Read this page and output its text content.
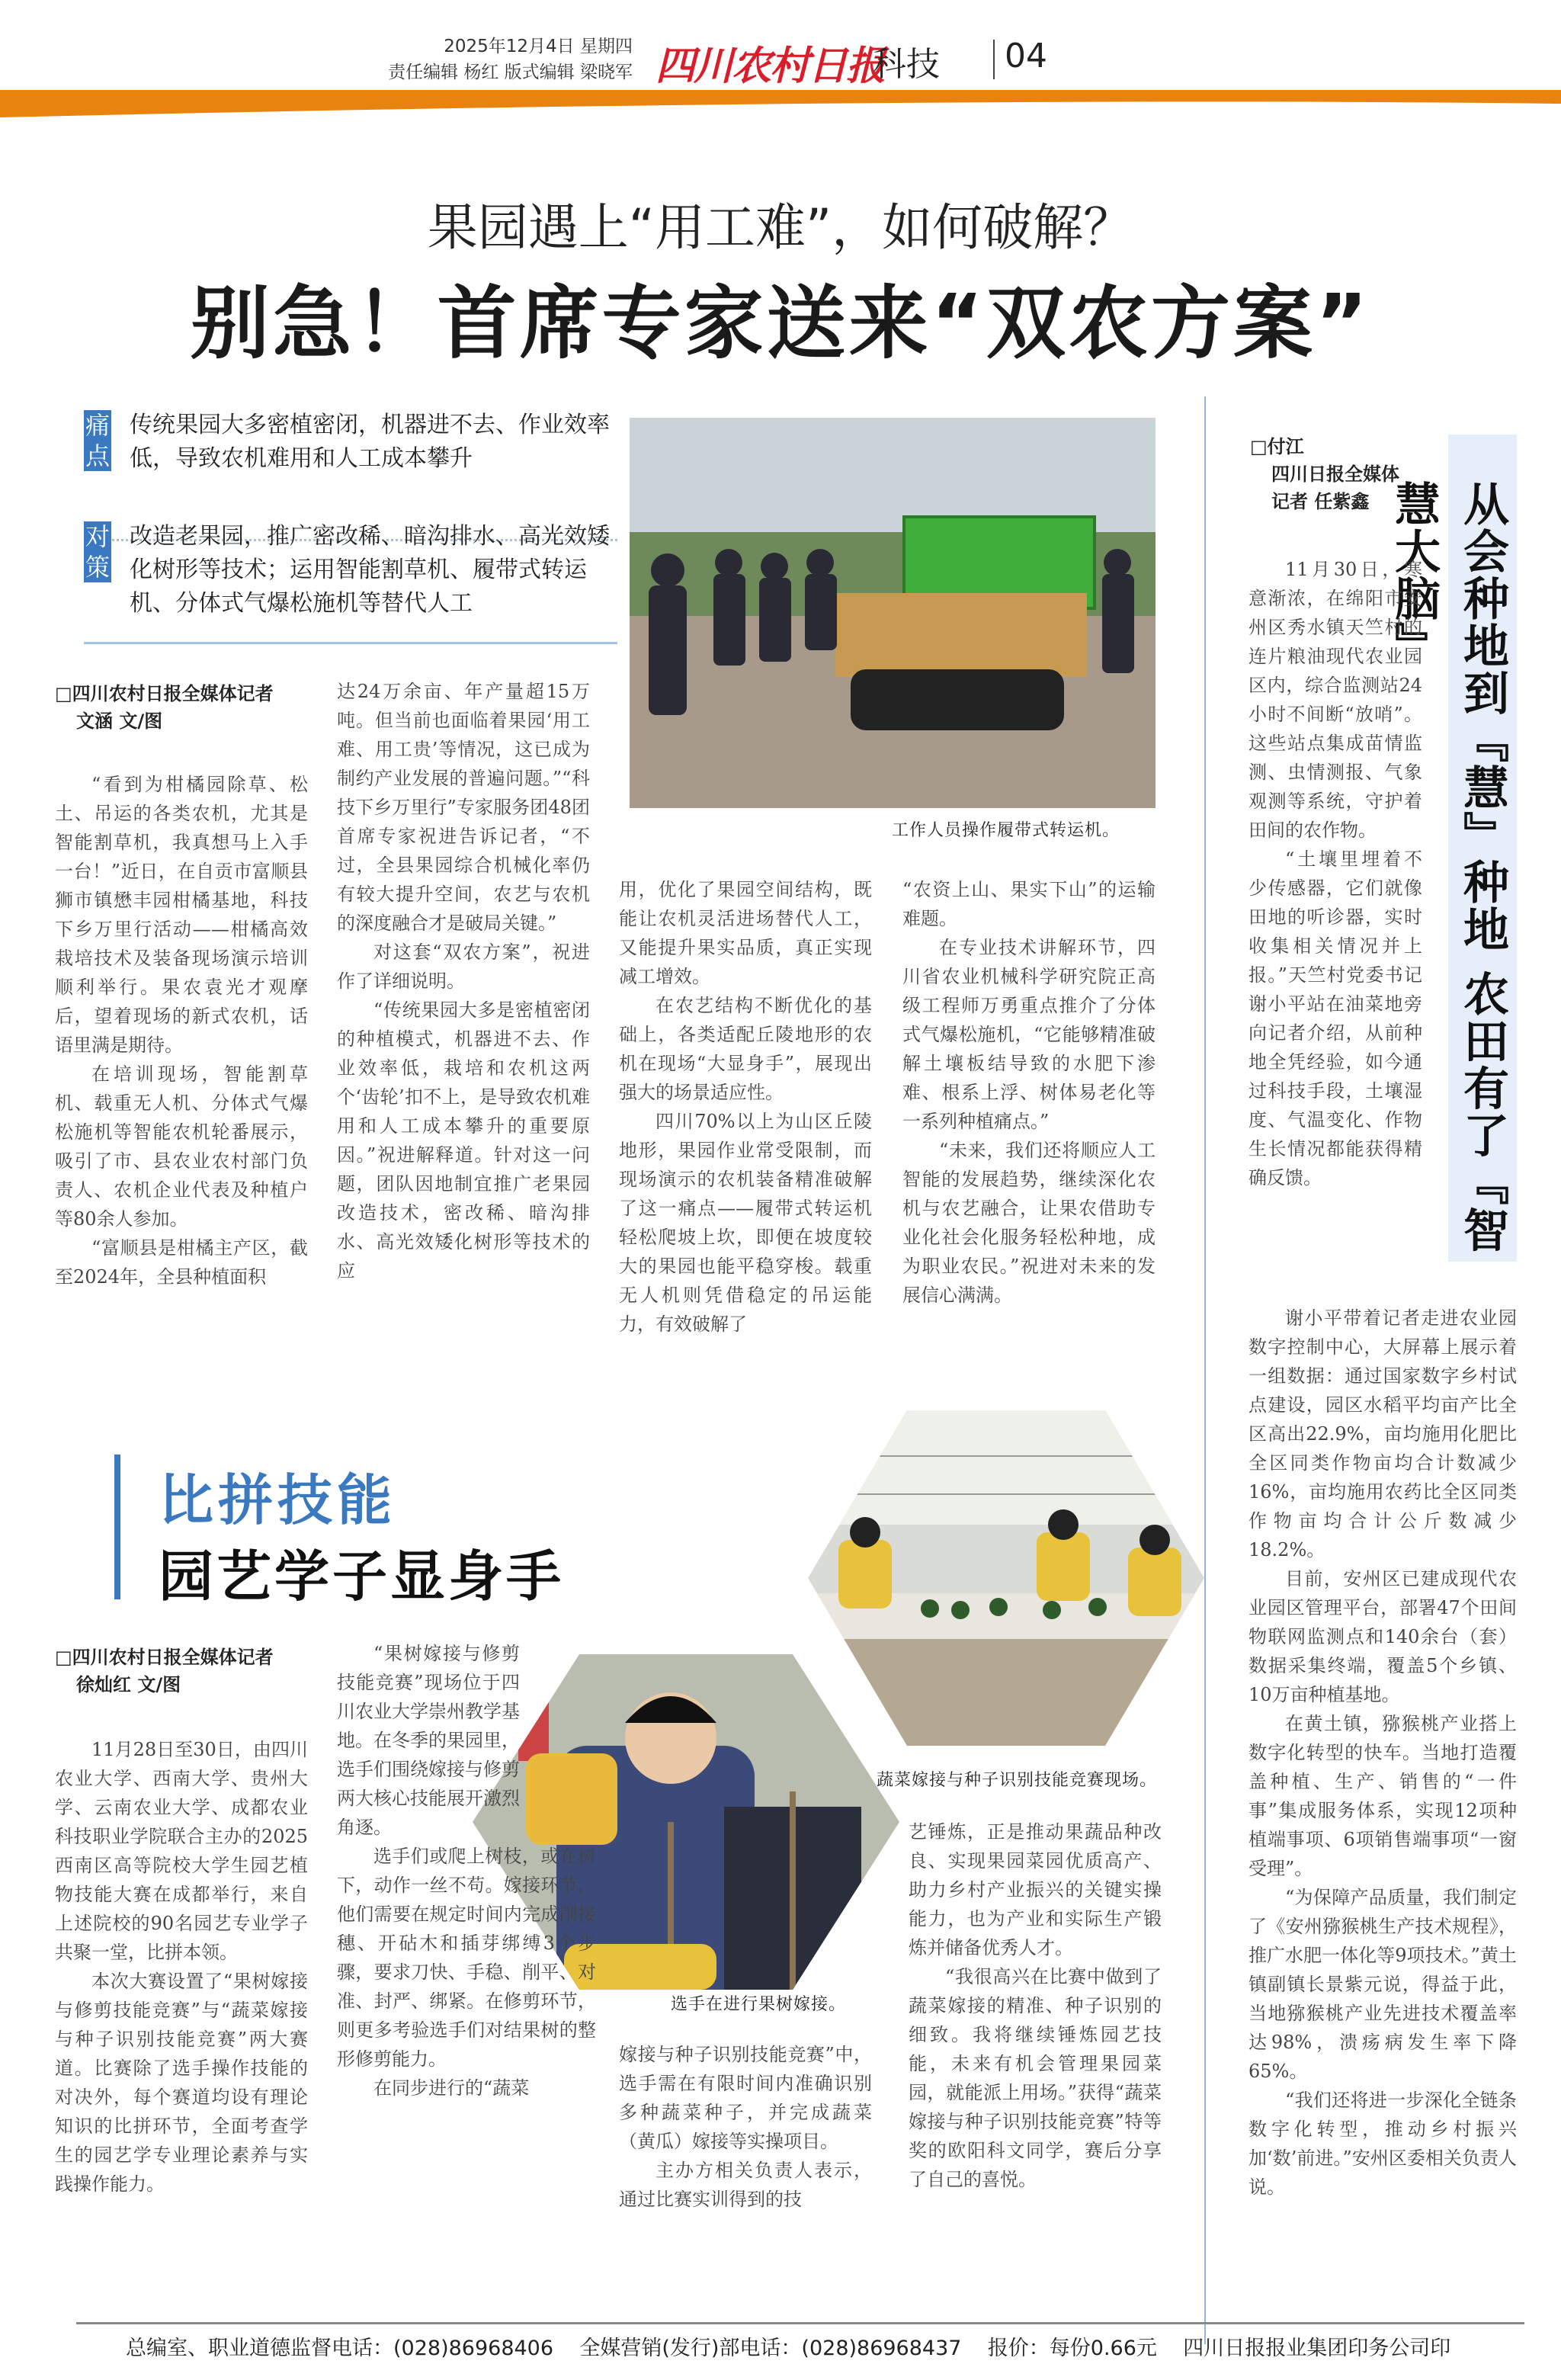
2025年12月4日 星期四
责任编辑 杨红 版式编辑 梁晓军 四川农村日报
科技 04
果园遇上“用工难”，如何破解？
别急！首席专家送来“双农方案”
痛点
传统果园大多密植密闭，机器进不去、作业效率低，导致农机难用和人工成本攀升
对策
改造老果园，推广密改稀、暗沟排水、高光效矮化树形等技术；运用智能割草机、履带式转运机、分体式气爆松施机等替代人工
工作人员操作履带式转运机。
□四川农村日报全媒体记者
文涵 文/图

“看到为柑橘园除草、松土、吊运的各类农机，尤其是智能割草机，我真想马上入手一台！”近日，在自贡市富顺县狮市镇懋丰园柑橘基地，科技下乡万里行活动——柑橘高效栽培技术及装备现场演示培训顺利举行。果农袁光才观摩后，望着现场的新式农机，话语里满是期待。

在培训现场，智能割草机、载重无人机、分体式气爆松施机等智能农机轮番展示，吸引了市、县农业农村部门负责人、农机企业代表及种植户等80余人参加。

“富顺县是柑橘主产区，截至2024年，全县种植面积

达24万余亩、年产量超15万吨。但当前也面临着果园‘用工难、用工贵’等情况，这已成为制约产业发展的普遍问题。”“科技下乡万里行”专家服务团48团首席专家祝进告诉记者，“不过，全县果园综合机械化率仍有较大提升空间，农艺与农机的深度融合才是破局关键。”

对这套“双农方案”，祝进作了详细说明。

“传统果园大多是密植密闭的种植模式，机器进不去、作业效率低，栽培和农机这两个‘齿轮’扣不上，是导致农机难用和人工成本攀升的重要原因。”祝进解释道。针对这一问题，团队因地制宜推广老果园改造技术，密改稀、暗沟排水、高光效矮化树形等技术的应

用，优化了果园空间结构，既能让农机灵活进场替代人工，又能提升果实品质，真正实现减工增效。

在农艺结构不断优化的基础上，各类适配丘陵地形的农机在现场“大显身手”，展现出强大的场景适应性。

四川70%以上为山区丘陵地形，果园作业常受限制，而现场演示的农机装备精准破解了这一痛点——履带式转运机轻松爬坡上坎，即便在坡度较大的果园也能平稳穿梭。载重无人机则凭借稳定的吊运能力，有效破解了

“农资上山、果实下山”的运输难题。

在专业技术讲解环节，四川省农业机械科学研究院正高级工程师万勇重点推介了分体式气爆松施机，“它能够精准破解土壤板结导致的水肥下渗难、根系上浮、树体易老化等一系列种植痛点。”

“未来，我们还将顺应人工智能的发展趋势，继续深化农机与农艺融合，让果农借助专业化社会化服务轻松种地，成为职业农民。”祝进对未来的发展信心满满。

从会种地到『慧』种地 农田有了『智慧大脑』
□付江
四川日报全媒体
记者 任紫鑫

11月30日，寒意渐浓，在绵阳市安州区秀水镇天竺村的连片粮油现代农业园区内，综合监测站24小时不间断“放哨”。这些站点集成苗情监测、虫情测报、气象观测等系统，守护着田间的农作物。

“土壤里埋着不少传感器，它们就像田地的听诊器，实时收集相关情况并上报。”天竺村党委书记谢小平站在油菜地旁向记者介绍，从前种地全凭经验，如今通过科技手段，土壤湿度、气温变化、作物生长情况都能获得精确反馈。

谢小平带着记者走进农业园数字控制中心，大屏幕上展示着一组数据：通过国家数字乡村试点建设，园区水稻平均亩产比全区高出22.9%，亩均施用化肥比全区同类作物亩均合计数减少16%，亩均施用农药比全区同类作物亩均合计公斤数减少18.2%。

目前，安州区已建成现代农业园区管理平台，部署47个田间物联网监测点和140余台（套）数据采集终端，覆盖5个乡镇、10万亩种植基地。

在黄土镇，猕猴桃产业搭上数字化转型的快车。当地打造覆盖种植、生产、销售的“一件事”集成服务体系，实现12项种植端事项、6项销售端事项“一窗受理”。

“为保障产品质量，我们制定了《安州猕猴桃生产技术规程》，推广水肥一体化等9项技术。”黄土镇副镇长景紫元说，得益于此，当地猕猴桃产业先进技术覆盖率达98%，溃疡病发生率下降65%。

“我们还将进一步深化全链条数字化转型，推动乡村振兴加‘数’前进。”安州区委相关负责人说。

比拼技能
园艺学子显身手
蔬菜嫁接与种子识别技能竞赛现场。
选手在进行果树嫁接。
□四川农村日报全媒体记者
徐灿红 文/图

11月28日至30日，由四川农业大学、西南大学、贵州大学、云南农业大学、成都农业科技职业学院联合主办的2025西南区高等院校大学生园艺植物技能大赛在成都举行，来自上述院校的90名园艺专业学子共聚一堂，比拼本领。

本次大赛设置了“果树嫁接与修剪技能竞赛”与“蔬菜嫁接与种子识别技能竞赛”两大赛道。比赛除了选手操作技能的对决外，每个赛道均设有理论知识的比拼环节，全面考查学生的园艺学专业理论素养与实践操作能力。

“果树嫁接与修剪技能竞赛”现场位于四川农业大学崇州教学基地。在冬季的果园里，选手们围绕嫁接与修剪两大核心技能展开激烈角逐。

选手们或爬上树枝，或在树下，动作一丝不苟。嫁接环节，他们需要在规定时间内完成削接穗、开砧木和插芽绑缚3个步骤，要求刀快、手稳、削平、对准、封严、绑紧。在修剪环节，则更多考验选手们对结果树的整形修剪能力。

在同步进行的“蔬菜

嫁接与种子识别技能竞赛”中，选手需在有限时间内准确识别多种蔬菜种子，并完成蔬菜（黄瓜）嫁接等实操项目。

主办方相关负责人表示，通过比赛实训得到的技

艺锤炼，正是推动果蔬品种改良、实现果园菜园优质高产、助力乡村产业振兴的关键实操能力，也为产业和实际生产锻炼并储备优秀人才。

“我很高兴在比赛中做到了蔬菜嫁接的精准、种子识别的细致。我将继续锤炼园艺技能，未来有机会管理果园菜园，就能派上用场。”获得“蔬菜嫁接与种子识别技能竞赛”特等奖的欧阳科文同学，赛后分享了自己的喜悦。

总编室、职业道德监督电话：(028)86968406    全媒营销(发行)部电话：(028)86968437    报价：每份0.66元    四川日报报业集团印务公司印
